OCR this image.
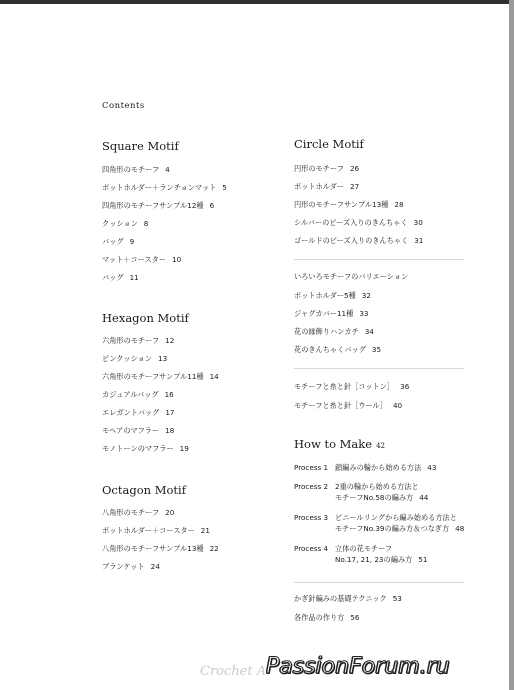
Contents
Square Motif
四角形のモチーフ 4
ポットホルダー＋ランチョンマット 5
四角形のモチーフサンプル12種 6
クッション 8
バッグ 9
マット＋コースター 10
バッグ 11
Hexagon Motif
六角形のモチーフ 12
ピンクッション 13
六角形のモチーフサンプル11種 14
カジュアルバッグ 16
エレガントバッグ 17
モヘアのマフラー 18
モノトーンのマフラー 19
Octagon Motif
八角形のモチーフ 20
ポットホルダー＋コースター 21
八角形のモチーフサンプル13種 22
ブランケット 24
Circle Motif
円形のモチーフ 26
ポットホルダー 27
円形のモチーフサンプル13種 28
シルバーのビーズ入りのきんちゃく 30
ゴールドのビーズ入りのきんちゃく 31
いろいろモチーフのバリエーション
ポットホルダー5種 32
ジャグカバー11種 33
花の縁飾りハンカチ 34
花のきんちゃくバッグ 35
モチーフと糸と針［コットン］ 36
モチーフと糸と針［ウール］ 40
How to Make 42
Process 1 鎖編みの輪から始める方法 43
Process 2 2重の輪から始める方法と
モチーフNo.58の編み方 44
Process 3 ビニールリングから編み始める方法と
モチーフNo.39の編み方＆つなぎ方 48
Process 4 立体の花モチーフ
No.17, 21, 23の編み方 51
かぎ針編みの基礎テクニック 53
各作品の作り方 56
Crochet A PassionForum.ru
